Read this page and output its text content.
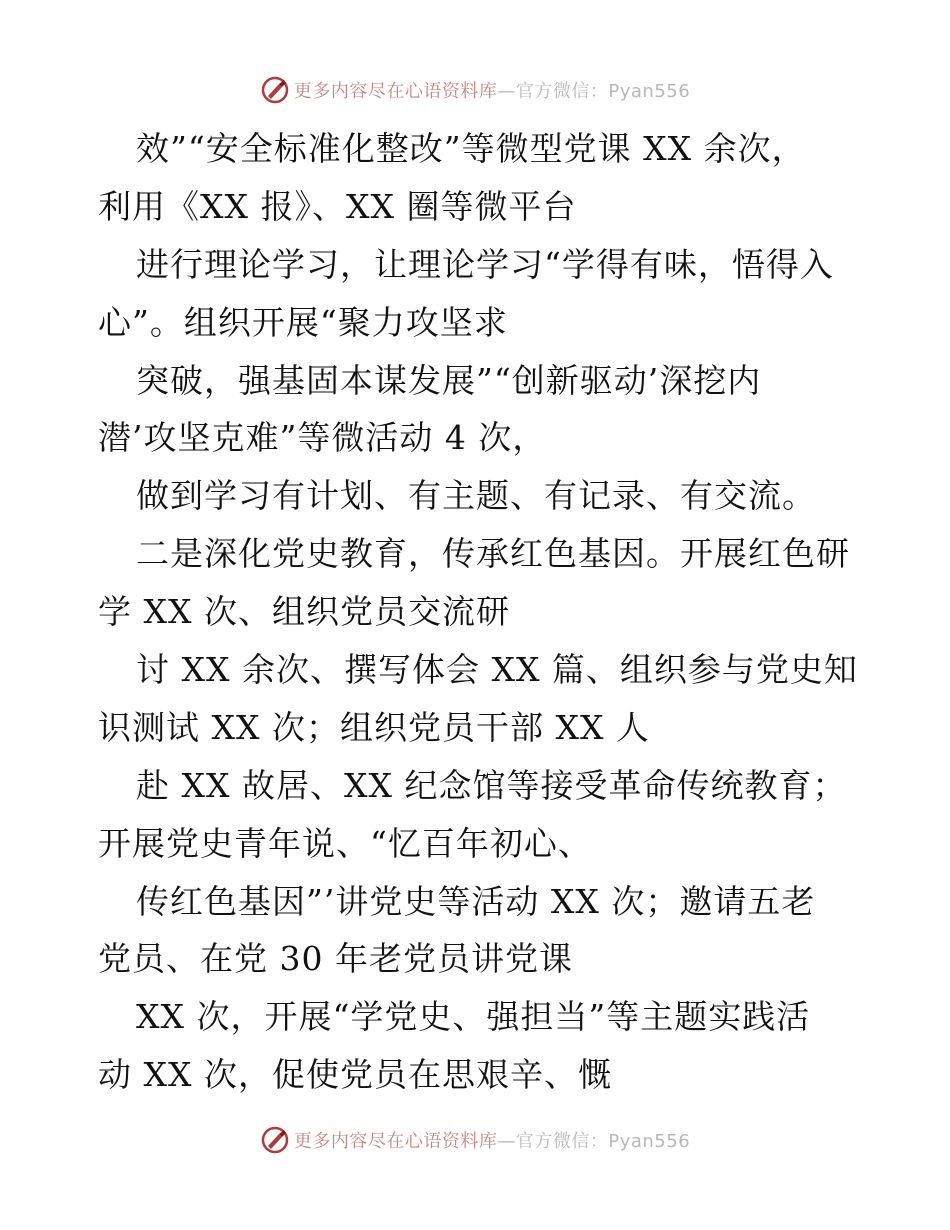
更多内容尽在心语资料库—官方微信：Pyan556
效”“安全标准化整改”等微型党课 XX 余次，
利用《XX 报》、XX 圈等微平台
进行理论学习，让理论学习“学得有味，悟得入
心”。组织开展“聚力攻坚求
突破，强基固本谋发展”“创新驱动’深挖内
潜’攻坚克难”等微活动 4 次，
做到学习有计划、有主题、有记录、有交流。
二是深化党史教育，传承红色基因。开展红色研
学 XX 次、组织党员交流研
讨 XX 余次、撰写体会 XX 篇、组织参与党史知
识测试 XX 次；组织党员干部 XX 人
赴 XX 故居、XX 纪念馆等接受革命传统教育；
开展党史青年说、“忆百年初心、
传红色基因”’讲党史等活动 XX 次；邀请五老
党员、在党 30 年老党员讲党课
XX 次，开展“学党史、强担当”等主题实践活
动 XX 次，促使党员在思艰辛、慨
更多内容尽在心语资料库—官方微信：Pyan556
